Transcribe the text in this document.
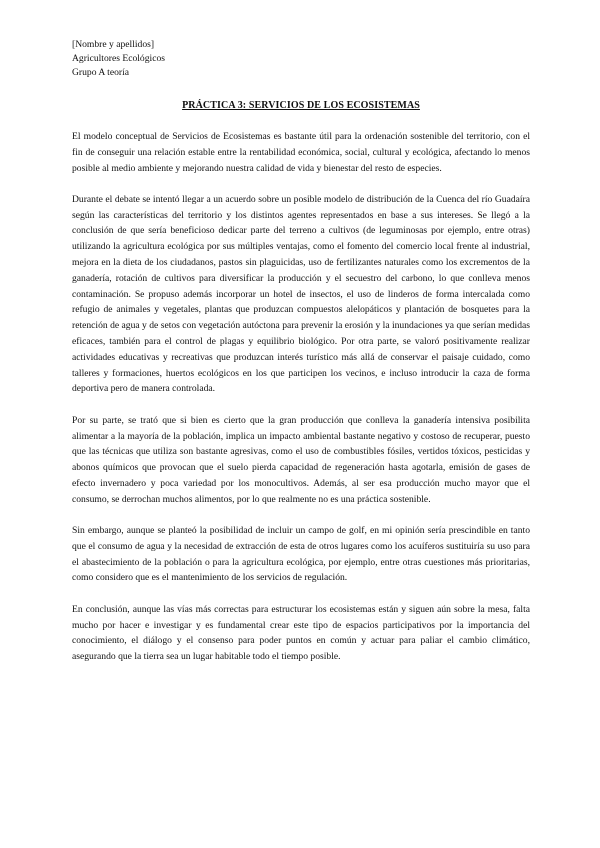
[Nombre y apellidos]

Agricultores Ecológicos

Grupo A teoría

PRÁCTICA 3: SERVICIOS DE LOS ECOSISTEMAS

El modelo conceptual de Servicios de Ecosistemas es bastante útil para la ordenación sostenible del territorio, con el fin de conseguir una relación estable entre la rentabilidad económica, social, cultural y ecológica, afectando lo menos posible al medio ambiente y mejorando nuestra calidad de vida y bienestar del resto de especies.

Durante el debate se intentó llegar a un acuerdo sobre un posible modelo de distribución de la Cuenca del río Guadaíra según las características del territorio y los distintos agentes representados en base a sus intereses. Se llegó a la conclusión de que sería beneficioso dedicar parte del terreno a cultivos (de leguminosas por ejemplo, entre otras) utilizando la agricultura ecológica por sus múltiples ventajas, como el fomento del comercio local frente al industrial, mejora en la dieta de los ciudadanos, pastos sin plaguicidas, uso de fertilizantes naturales como los excrementos de la ganadería, rotación de cultivos para diversificar la producción y el secuestro del carbono, lo que conlleva menos contaminación. Se propuso además incorporar un hotel de insectos, el uso de linderos de forma intercalada como refugio de animales y vegetales, plantas que produzcan compuestos alelopáticos y plantación de bosquetes para la retención de agua y de setos con vegetación autóctona para prevenir la erosión y la inundaciones ya que serían medidas eficaces, también para el control de plagas y equilibrio biológico. Por otra parte, se valoró positivamente realizar actividades educativas y recreativas que produzcan interés turístico más allá de conservar el paisaje cuidado, como talleres y formaciones, huertos ecológicos en los que participen los vecinos, e incluso introducir la caza de forma deportiva pero de manera controlada.

Por su parte, se trató que si bien es cierto que la gran producción que conlleva la ganadería intensiva posibilita alimentar a la mayoría de la población, implica un impacto ambiental bastante negativo y costoso de recuperar, puesto que las técnicas que utiliza son bastante agresivas, como el uso de combustibles fósiles, vertidos tóxicos, pesticidas y abonos químicos que provocan que el suelo pierda capacidad de regeneración hasta agotarla, emisión de gases de efecto invernadero y poca variedad por los monocultivos. Además, al ser esa producción mucho mayor que el consumo, se derrochan muchos alimentos, por lo que realmente no es una práctica sostenible.

Sin embargo, aunque se planteó la posibilidad de incluir un campo de golf, en mi opinión sería prescindible en tanto que el consumo de agua y la necesidad de extracción de esta de otros lugares como los acuíferos sustituiría su uso para el abastecimiento de la población o para la agricultura ecológica, por ejemplo, entre otras cuestiones más prioritarias, como considero que es el mantenimiento de los servicios de regulación.

En conclusión, aunque las vías más correctas para estructurar los ecosistemas están y siguen aún sobre la mesa, falta mucho por hacer e investigar y es fundamental crear este tipo de espacios participativos por la importancia del conocimiento, el diálogo y el consenso para poder puntos en común y actuar para paliar el cambio climático, asegurando que la tierra sea un lugar habitable todo el tiempo posible.
